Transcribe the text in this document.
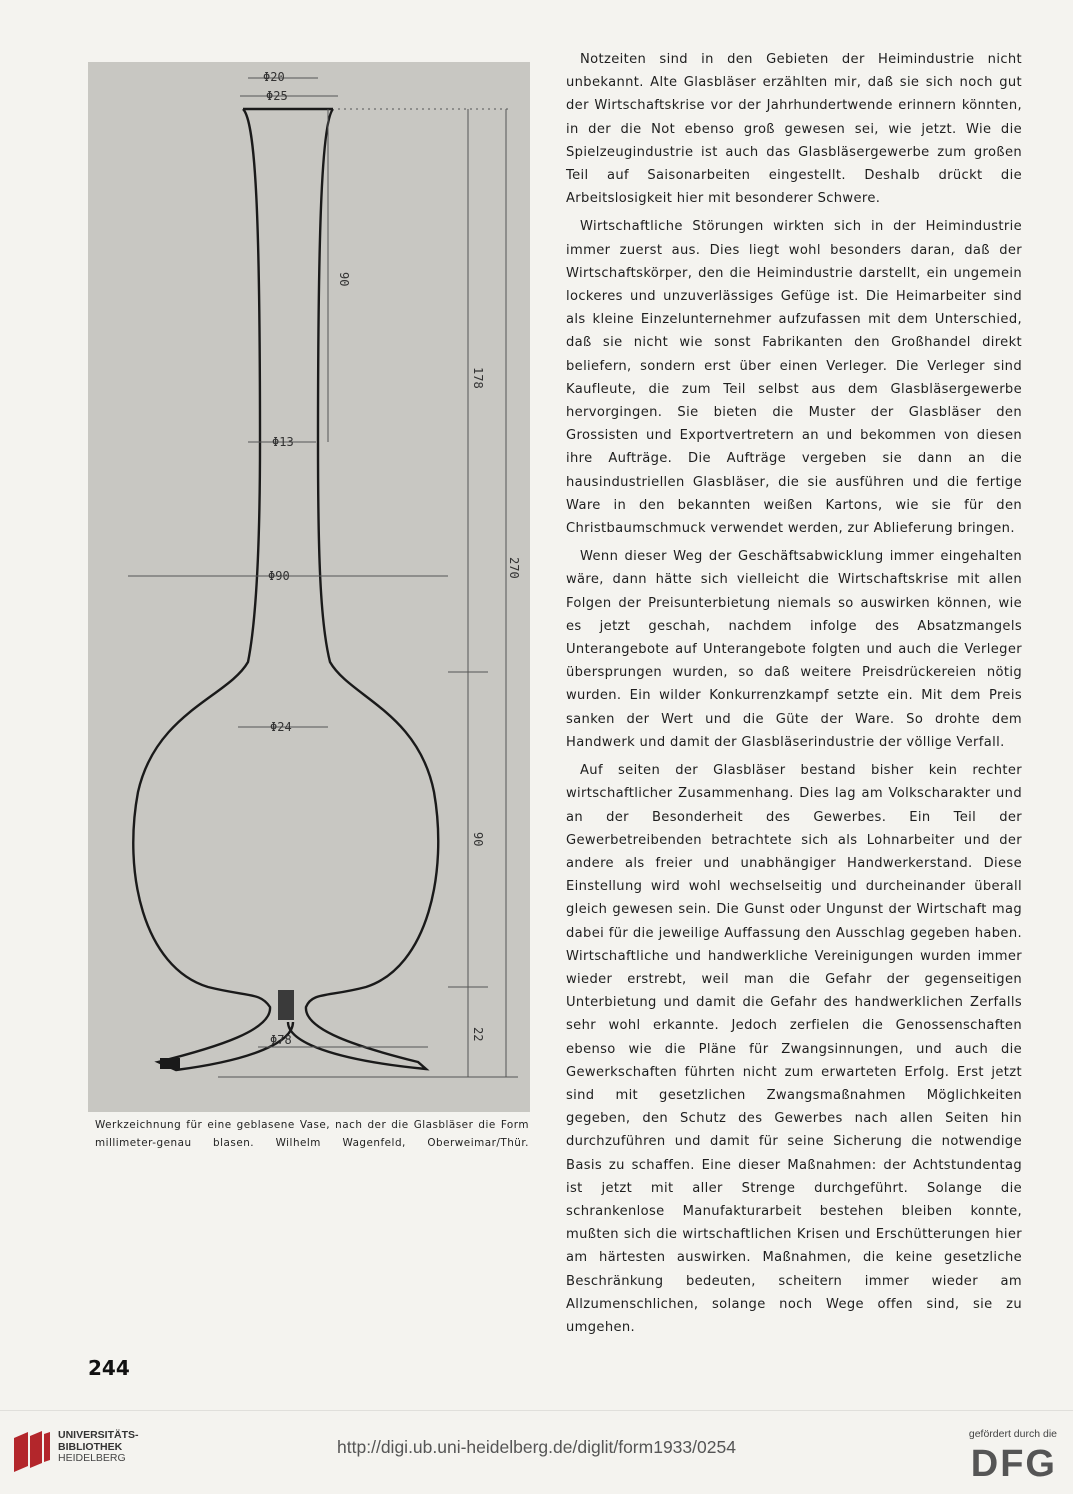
Φ20
Φ25
Φ13
Φ90
Φ24
Φ78
90
178
270
90
22
Werkzeichnung für eine geblasene Vase, nach der die Glasbläser die Form millimeter-genau blasen. Wilhelm Wagenfeld, Oberweimar/Thür.

Notzeiten sind in den Gebieten der Heimindustrie nicht unbekannt. Alte Glasbläser erzählten mir, daß sie sich noch gut der Wirtschaftskrise vor der Jahrhundertwende erinnern könnten, in der die Not ebenso groß gewesen sei, wie jetzt. Wie die Spielzeugindustrie ist auch das Glasbläsergewerbe zum großen Teil auf Saisonarbeiten eingestellt. Deshalb drückt die Arbeitslosigkeit hier mit besonderer Schwere.

Wirtschaftliche Störungen wirkten sich in der Heimindustrie immer zuerst aus. Dies liegt wohl besonders daran, daß der Wirtschaftskörper, den die Heimindustrie darstellt, ein ungemein lockeres und unzuverlässiges Gefüge ist. Die Heimarbeiter sind als kleine Einzelunternehmer aufzufassen mit dem Unterschied, daß sie nicht wie sonst Fabrikanten den Großhandel direkt beliefern, sondern erst über einen Verleger. Die Verleger sind Kaufleute, die zum Teil selbst aus dem Glasbläsergewerbe hervorgingen. Sie bieten die Muster der Glasbläser den Grossisten und Exportvertretern an und bekommen von diesen ihre Aufträge. Die Aufträge vergeben sie dann an die hausindustriellen Glasbläser, die sie ausführen und die fertige Ware in den bekannten weißen Kartons, wie sie für den Christbaumschmuck verwendet werden, zur Ablieferung bringen.

Wenn dieser Weg der Geschäftsabwicklung immer eingehalten wäre, dann hätte sich vielleicht die Wirtschaftskrise mit allen Folgen der Preisunterbietung niemals so auswirken können, wie es jetzt geschah, nachdem infolge des Absatzmangels Unterangebote auf Unterangebote folgten und auch die Verleger übersprungen wurden, so daß weitere Preisdrückereien nötig wurden. Ein wilder Konkurrenzkampf setzte ein. Mit dem Preis sanken der Wert und die Güte der Ware. So drohte dem Handwerk und damit der Glasbläserindustrie der völlige Verfall.

Auf seiten der Glasbläser bestand bisher kein rechter wirtschaftlicher Zusammenhang. Dies lag am Volkscharakter und an der Besonderheit des Gewerbes. Ein Teil der Gewerbetreibenden betrachtete sich als Lohnarbeiter und der andere als freier und unabhängiger Handwerkerstand. Diese Einstellung wird wohl wechselseitig und durcheinander überall gleich gewesen sein. Die Gunst oder Ungunst der Wirtschaft mag dabei für die jeweilige Auffassung den Ausschlag gegeben haben. Wirtschaftliche und handwerkliche Vereinigungen wurden immer wieder erstrebt, weil man die Gefahr der gegenseitigen Unterbietung und damit die Gefahr des handwerklichen Zerfalls sehr wohl erkannte. Jedoch zerfielen die Genossenschaften ebenso wie die Pläne für Zwangsinnungen, und auch die Gewerkschaften führten nicht zum erwarteten Erfolg. Erst jetzt sind mit gesetzlichen Zwangsmaßnahmen Möglichkeiten gegeben, den Schutz des Gewerbes nach allen Seiten hin durchzuführen und damit für seine Sicherung die notwendige Basis zu schaffen. Eine dieser Maßnahmen: der Achtstundentag ist jetzt mit aller Strenge durchgeführt. Solange die schrankenlose Manufakturarbeit bestehen bleiben konnte, mußten sich die wirtschaftlichen Krisen und Erschütterungen hier am härtesten auswirken. Maßnahmen, die keine gesetzliche Beschränkung bedeuten, scheitern immer wieder am Allzumenschlichen, solange noch Wege offen sind, sie zu umgehen.

244
UNIVERSITÄTS-
BIBLIOTHEK
HEIDELBERG
http://digi.ub.uni-heidelberg.de/diglit/form1933/0254
gefördert durch die
DFG
